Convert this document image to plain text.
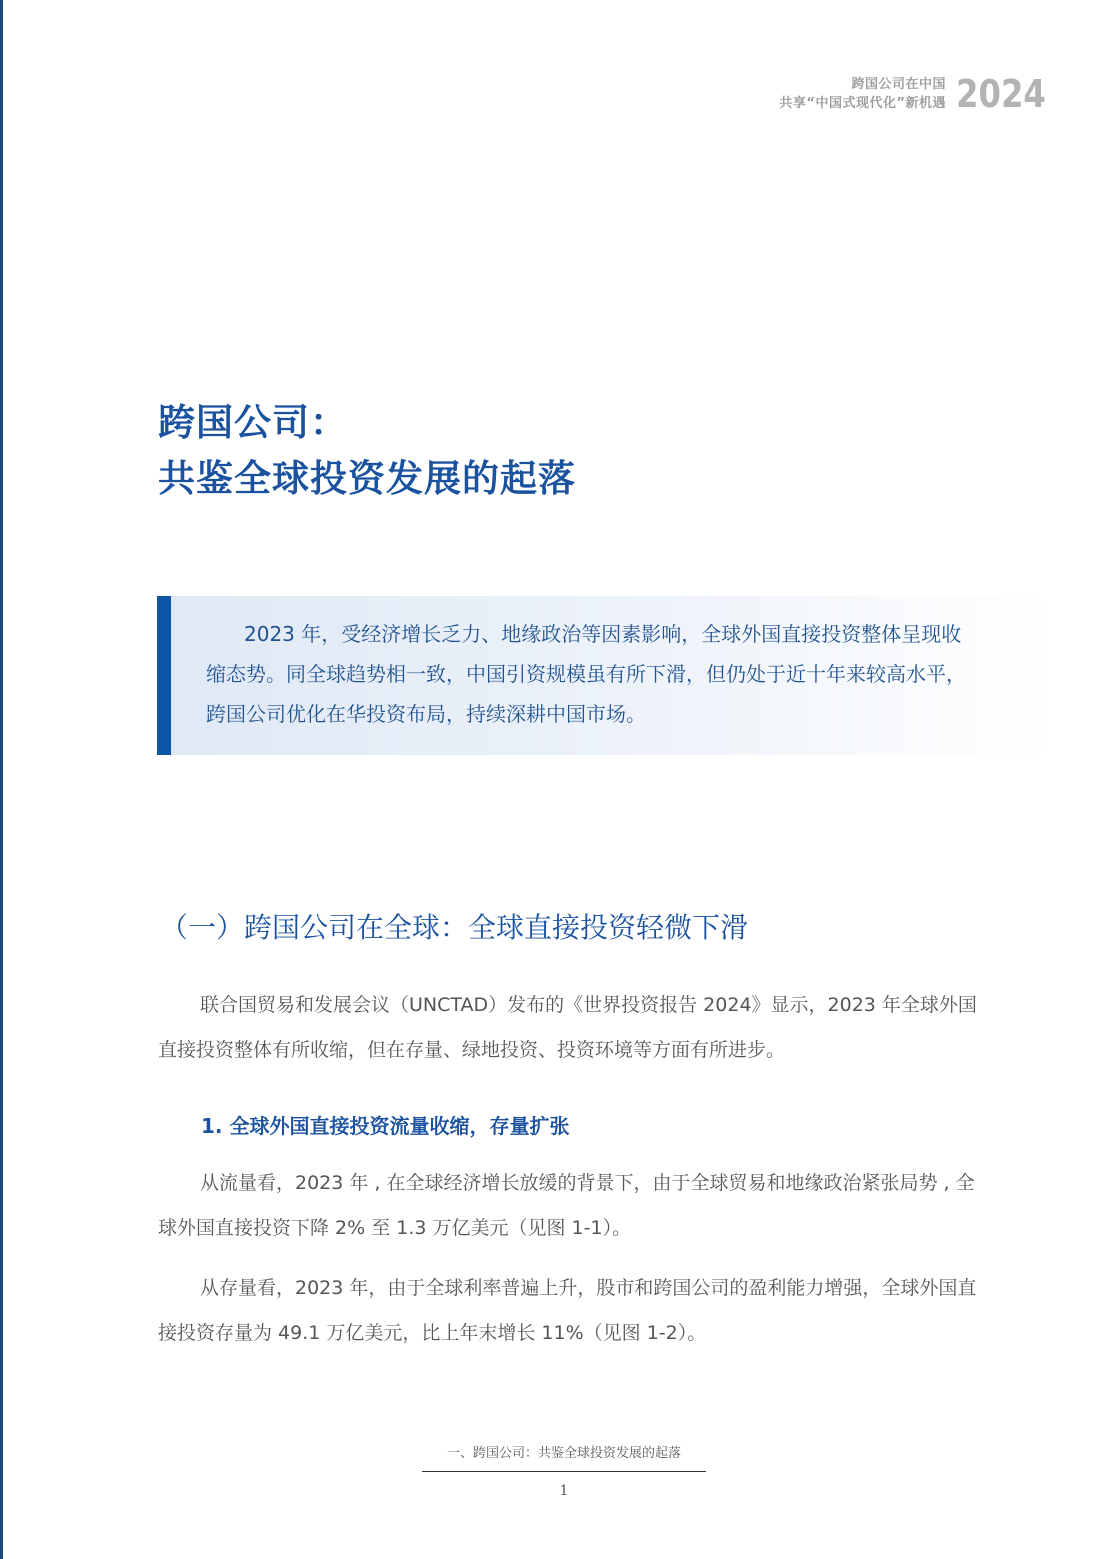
跨国公司在中国
共享“中国式现代化”新机遇 2024
跨国公司：
共鉴全球投资发展的起落

2023 年，受经济增长乏力、地缘政治等因素影响，全球外国直接投资整体呈现收缩态势。同全球趋势相一致，中国引资规模虽有所下滑，但仍处于近十年来较高水平，跨国公司优化在华投资布局，持续深耕中国市场。

（一）跨国公司在全球：全球直接投资轻微下滑

联合国贸易和发展会议（UNCTAD）发布的《世界投资报告 2024》显示，2023 年全球外国直接投资整体有所收缩，但在存量、绿地投资、投资环境等方面有所进步。

1. 全球外国直接投资流量收缩，存量扩张

从流量看，2023 年 , 在全球经济增长放缓的背景下，由于全球贸易和地缘政治紧张局势 , 全球外国直接投资下降 2% 至 1.3 万亿美元（见图 1-1）。

从存量看，2023 年，由于全球利率普遍上升，股市和跨国公司的盈利能力增强，全球外国直接投资存量为 49.1 万亿美元，比上年末增长 11%（见图 1-2）。

一、跨国公司：共鉴全球投资发展的起落
1
